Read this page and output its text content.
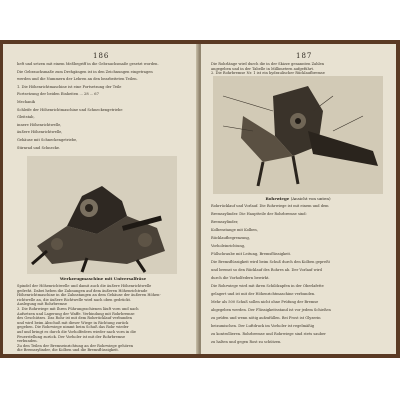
186
heft und setzen mit einem Meßbegriff in die Gebrauchsmaße gesetzt worden.
Die Gebrauchsmaße zum Drehgängen ist in den Zeichnungen eingetragen
werden und die Nummern der Lehren an den bearbeiteten Teilen.
1. Die Höhenrichtmaschine ist eine Fortsetzung der Teile
Fortsetzung der beiden Einheiten ... 28 ... 67
Mechanik
Schleife der Höhenrichtmaschine und Schneckengetriebe
Gleitstab,
innere Höhenrichtwelle,
äußere Höhenrichtwelle,
Gehäuse mit Schneckengetriebe,
Stirnrad und Schnecke.
Werkzeugmaschine mit Universalfräse
Spindel der Höhenrichtwelle und damit auch die äußere Höhenrichtwelle
gedreht. Dabei heben die Zahnungen auf dem äußeren Höhenrichtrade
Höhenrichtmaschine in die Zahnstangen an dem Gehäuse der äußeren Höhen-
richtwelle an, die äußere Richtwelle wird nach oben gedrückt.
Auslegung mit Rohrbremse
3. Die Rohrwiege mit Ihren Führungsschienen läuft vorn und nach
Aufsetzen und Lagerung der Waffe. Verbindung mit Rohrbremse
des Geschützes. Das Rohr ist mit dem Rohrrücklauf verbunden
und wird beim Abschuß mit dieser Wiege in Richtung zurück
gegeben. Die Rohrwiege nimmt beim Schuß das Rohr wieder
auf und bringt es durch die Vorholfedern wieder nach vorn in die
Feuerstellung zurück. Der Vorholer ist mit der Rohrbremse
verbunden.
Zu den Teilen der Bremseinrichtung an der Rohrwiege gehören
die Bremszylinder, die Kolben und die Bremsflüssigkeit.
187
Die Rohrlänge wird durch die in der Skizze genannten Zahlen
angegeben und in der Tabelle in Millimetern aufgeführt.
2. Die Rohrbremse Nr. 1 ist ein hydraulischer Rücklaufbremse
Rohrwiege (Ansicht von unten)
Rohrrücklauf und Vorlauf. Die Rohrwiege ist mit einem und dem
Bremszylinder. Die Hauptteile der Rohrbremse sind:
Bremszylinder,
Kolbenstange mit Kolben,
Rücklaufbegrenzung,
Vorholeinrichtung,
Füllschraube mit Leitung, Bremsflüssigkeit.
Die Bremsflüssigkeit wird beim Schuß durch den Kolben gepreßt
und bremst so den Rücklauf des Rohres ab. Der Vorlauf wird
durch die Vorholfedern bewirkt.
Die Rohrwiege wird mit ihren Schildzapfen in der Oberlafette
gelagert und ist mit der Höhenrichtmaschine verbunden.
Mehr als 500 Schuß sollen nicht ohne Prüfung der Bremse
abgegeben werden. Der Flüssigkeitsstand ist vor jedem Schießen
zu prüfen und wenn nötig aufzufüllen. Bei Frost ist Glyzerin
beizumischen. Der Luftdruck im Vorholer ist regelmäßig
zu kontrollieren. Rohrbremse und Rohrwiege sind stets sauber
zu halten und gegen Rost zu schützen.
